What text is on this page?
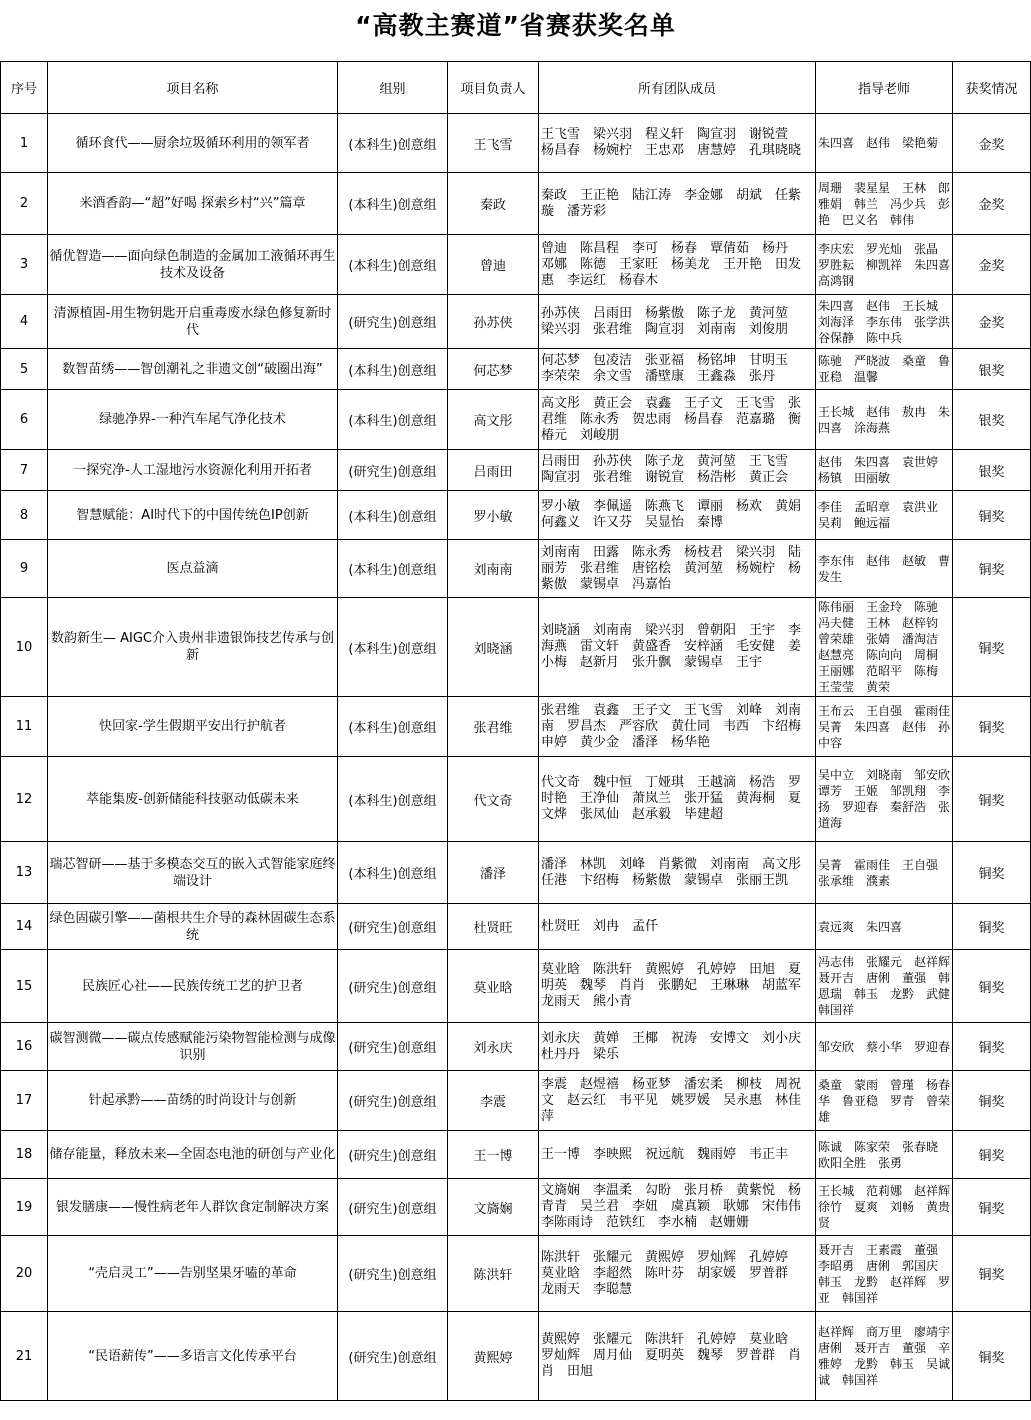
“高教主赛道”省赛获奖名单
序号	项目名称	组别	项目负责人	所有团队成员	指导老师	获奖情况
1	循环食代——厨余垃圾循环利用的领军者	(本科生)创意组	王飞雪	王飞雪　梁兴羽　程义轩　陶宣羽　谢锐萱　杨昌春　杨婉柠　王忠邓　唐慧婷　孔琪晓晓	朱四喜　赵伟　梁艳菊	金奖
2	米酒香韵—“超”好喝 探索乡村“兴”篇章	(本科生)创意组	秦政	秦政　王正艳　陆江涛　李金娜　胡斌　任紫璇　潘芳彩	周珊　裴星星　王林　郎雅娟　韩兰　冯少兵　彭艳　巴义名　韩伟	金奖
3	循优智造——面向绿色制造的金属加工液循环再生技术及设备	(本科生)创意组	曾迪	曾迪　陈昌程　李可　杨春　覃倩茹　杨丹　邓娜　陈德　王家旺　杨美龙　王开艳　田发惠　李运红　杨春木	李庆宏　罗光灿　张晶　罗胜耘　柳凯祥　朱四喜　高鸿钢	金奖
4	清源植固-用生物钥匙开启重毒废水绿色修复新时代	(研究生)创意组	孙苏侠	孙苏侠　吕雨田　杨紫傲　陈子龙　黄河堃　梁兴羽　张君维　陶宣羽　刘南南　刘俊朋	朱四喜　赵伟　王长城　刘海泽　李东伟　张学洪　谷保静　陈中兵	金奖
5	数智苗绣——智创潮礼之非遗文创“破圈出海”	(本科生)创意组	何芯梦	何芯梦　包凌洁　张亚福　杨铭坤　甘明玉　李荣荣　余文雪　潘壁康　王鑫淼　张丹	陈驰　严晓波　桑童　鲁亚稳　温馨	银奖
6	绿驰净界-一种汽车尾气净化技术	(本科生)创意组	高文彤	高文彤　黄正会　袁鑫　王子文　王飞雪　张君维　陈永秀　贺忠雨　杨昌春　范嘉璐　衡椿元　刘峻朋	王长城　赵伟　敖冉　朱四喜　涂海燕	银奖
7	一探究净-人工湿地污水资源化利用开拓者	(研究生)创意组	吕雨田	吕雨田　孙苏侠　陈子龙　黄河堃　王飞雪　陶宣羽　张君维　谢锐宣　杨浩彬　黄正会	赵伟　朱四喜　袁世婷　杨镇　田丽敏	银奖
8	智慧赋能：AI时代下的中国传统色IP创新	(本科生)创意组	罗小敏	罗小敏　李佩遥　陈燕飞　谭丽　杨欢　黄娟　何鑫义　许又芬　吴显怡　秦博	李佳　孟昭章　袁洪业　吴莉　鲍远福	铜奖
9	医点益滴	(本科生)创意组	刘南南	刘南南　田露　陈永秀　杨枝君　梁兴羽　陆丽芳　张君维　唐铭桧　黄河堃　杨婉柠　杨紫傲　蒙锡卓　冯嘉怡	李东伟　赵伟　赵敏　曹发生	铜奖
10	数韵新生— AIGC介入贵州非遗银饰技艺传承与创新	(本科生)创意组	刘晓涵	刘晓涵　刘南南　梁兴羽　曾朝阳　王宇　李海燕　雷文轩　黄盛香　安梓涵　毛安健　姜小梅　赵新月　张升飘　蒙锡卓　王宇	陈伟丽　王金玲　陈驰　冯夫健　王林　赵梓钧　曾荣雄　张婧　潘淘洁　赵慧亮　陈向向　周桐　王丽娜　范昭平　陈梅　王莹莹　黄荣	铜奖
11	快回家-学生假期平安出行护航者	(本科生)创意组	张君维	张君维　袁鑫　王子文　王飞雪　刘峰　刘南南　罗昌杰　严容欣　黄仕同　韦西　卞绍梅　申婷　黄少金　潘泽　杨华艳	王布云　王自强　霍雨佳　吴菁　朱四喜　赵伟　孙中容	铜奖
12	萃能集废-创新储能科技驱动低碳未来	(本科生)创意组	代文奇	代文奇　魏中恒　丁娅琪　王越滴　杨浩　罗时艳　王净仙　萧岚兰　张开猛　黄海桐　夏文烨　张凤仙　赵承毅　毕建超	吴中立　刘晓南　邹安欣　谭芳　王姬　邹凯翔　李扬　罗迎春　秦舒浩　张道海	铜奖
13	瑞芯智研——基于多模态交互的嵌入式智能家庭终端设计	(本科生)创意组	潘泽	潘泽　林凯　刘峰　肖紫微　刘南南　高文彤　任港　卞绍梅　杨紫傲　蒙锡卓　张丽王凯	吴菁　霍雨佳　王自强　张承维　濮素	铜奖
14	绿色固碳引擎——菌根共生介导的森林固碳生态系统	(研究生)创意组	杜贤旺	杜贤旺　刘冉　孟仟	袁远爽　朱四喜	铜奖
15	民族匠心社——民族传统工艺的护卫者	(研究生)创意组	莫业晗	莫业晗　陈洪轩　黄熙婷　孔婷婷　田旭　夏明英　魏琴　肖肖　张鹏妃　王琳琳　胡蓝军　龙雨天　熊小青	冯志伟　张耀元　赵祥辉　聂开吉　唐俐　董强　韩恩瑞　韩玉　龙黔　武健　韩国祥	铜奖
16	碳智测微——碳点传感赋能污染物智能检测与成像识别	(研究生)创意组	刘永庆	刘永庆　黄婵　王椰　祝涛　安博文　刘小庆　杜丹丹　梁乐	邹安欣　蔡小华　罗迎春	铜奖
17	针起承黔——苗绣的时尚设计与创新	(研究生)创意组	李震	李震　赵煜禧　杨亚梦　潘宏柔　柳枝　周祝文　赵云红　韦平见　姚罗媛　吴永惠　林佳萍	桑童　蒙雨　曾瑾　杨春华　鲁亚稳　罗青　曾荣雄	铜奖
18	储存能量，释放未来—全固态电池的研创与产业化	(研究生)创意组	王一博	王一博　李映熙　祝远航　魏雨婷　韦正丰	陈诚　陈家荣　张春晓　欧阳全胜　张勇	铜奖
19	银发膳康——慢性病老年人群饮食定制解决方案	(研究生)创意组	文旖娴	文旖娴　李温柔　勾盼　张月桥　黄紫悦　杨青青　吴兰君　李妞　虞真颖　耿娜　宋伟伟　李陈雨诗　范铁红　李水楠　赵姗姗	王长城　范莉娜　赵祥辉　徐竹　夏爽　刘畅　黄贵贤	铜奖
20	“壳启灵工”——告别坚果牙嗑的革命	(研究生)创意组	陈洪轩	陈洪轩　张耀元　黄熙婷　罗灿辉　孔婷婷　莫业晗　李超然　陈叶芬　胡家媛　罗普群　龙雨天　李聪慧	聂开吉　王素霞　董强　李昭勇　唐俐　郭国庆　韩玉　龙黔　赵祥辉　罗亚　韩国祥	铜奖
21	“民语薪传”——多语言文化传承平台	(研究生)创意组	黄熙婷	黄熙婷　张耀元　陈洪轩　孔婷婷　莫业晗　罗灿辉　周月仙　夏明英　魏琴　罗普群　肖肖　田旭	赵祥辉　商万里　廖靖宇　唐俐　聂开吉　董强　辛雅婷　龙黔　韩玉　吴诚诚　韩国祥	铜奖
